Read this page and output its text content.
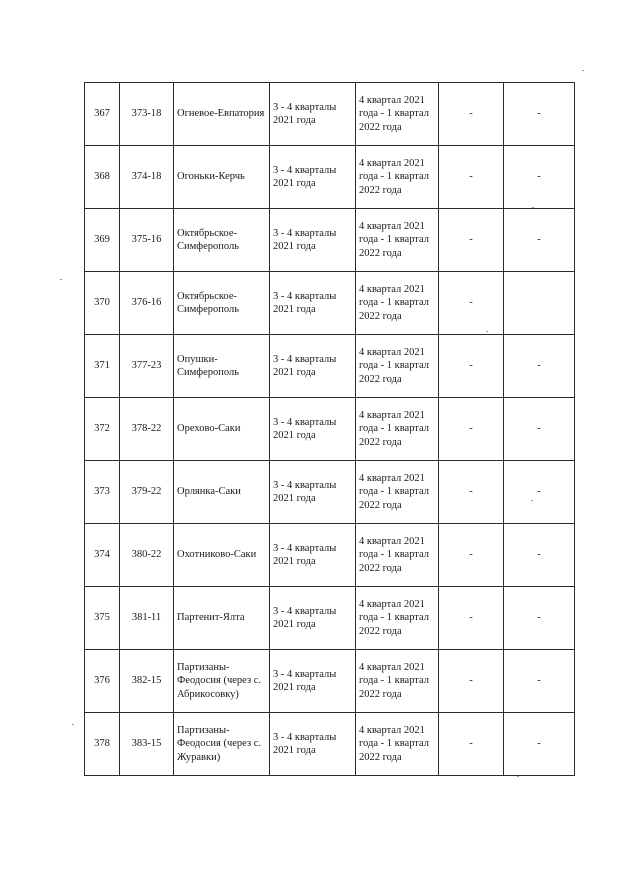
367	373-18	Огневое-Евпатория	3 - 4 кварталы 2021 года	4 квартал 2021 года - 1 квартал 2022 года	-	-
368	374-18	Огоньки-Керчь	3 - 4 кварталы 2021 года	4 квартал 2021 года - 1 квартал 2022 года	-	-
369	375-16	Октябрьское-Симферополь	3 - 4 кварталы 2021 года	4 квартал 2021 года - 1 квартал 2022 года	-	-
370	376-16	Октябрьское-Симферополь	3 - 4 кварталы 2021 года	4 квартал 2021 года - 1 квартал 2022 года	-	
371	377-23	Опушки-Симферополь	3 - 4 кварталы 2021 года	4 квартал 2021 года - 1 квартал 2022 года	-	-
372	378-22	Орехово-Саки	3 - 4 кварталы 2021 года	4 квартал 2021 года - 1 квартал 2022 года	-	-
373	379-22	Орлянка-Саки	3 - 4 кварталы 2021 года	4 квартал 2021 года - 1 квартал 2022 года	-	-
374	380-22	Охотниково-Саки	3 - 4 кварталы 2021 года	4 квартал 2021 года - 1 квартал 2022 года	-	-
375	381-11	Партенит-Ялта	3 - 4 кварталы 2021 года	4 квартал 2021 года - 1 квартал 2022 года	-	-
376	382-15	Партизаны-Феодосия (через с. Абрикосовку)	3 - 4 кварталы 2021 года	4 квартал 2021 года - 1 квартал 2022 года	-	-
378	383-15	Партизаны-Феодосия (через с. Журавки)	3 - 4 кварталы 2021 года	4 квартал 2021 года - 1 квартал 2022 года	-	-
